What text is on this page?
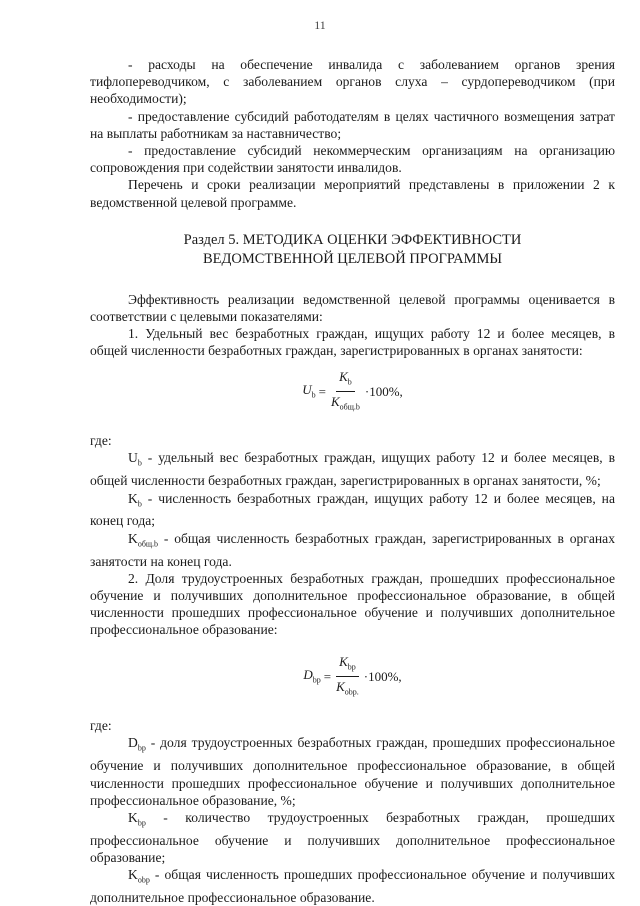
11

- расходы на обеспечение инвалида с заболеванием органов зрения тифлопереводчиком, с заболеванием органов слуха – сурдопереводчиком (при необходимости);

- предоставление субсидий работодателям в целях частичного возмещения затрат на выплаты работникам за наставничество;

- предоставление субсидий некоммерческим организациям на организацию сопровождения при содействии занятости инвалидов.

Перечень и сроки реализации мероприятий представлены в приложении 2 к ведомственной целевой программе.

Раздел 5. МЕТОДИКА ОЦЕНКИ ЭФФЕКТИВНОСТИ
ВЕДОМСТВЕННОЙ ЦЕЛЕВОЙ ПРОГРАММЫ

Эффективность реализации ведомственной целевой программы оценивается в соответствии с целевыми показателями:

1. Удельный вес безработных граждан, ищущих работу 12 и более месяцев, в общей численности безработных граждан, зарегистрированных в органах занятости:

$U_b = \frac{K_b}{K_{общ.b}} \cdot 100\%$,

где:

$U_b$ - удельный вес безработных граждан, ищущих работу 12 и более месяцев, в общей численности безработных граждан, зарегистрированных в органах занятости, %;

$K_b$ - численность безработных граждан, ищущих работу 12 и более месяцев, на конец года;

$K_{общ.b}$ - общая численность безработных граждан, зарегистрированных в органах занятости на конец года.

2. Доля трудоустроенных безработных граждан, прошедших профессиональное обучение и получивших дополнительное профессиональное образование, в общей численности прошедших профессиональное обучение и получивших дополнительное профессиональное образование:

$D_{bp} = \frac{K_{bp}}{K_{obp.}} \cdot 100\%$,

где:

$D_{bp}$ - доля трудоустроенных безработных граждан, прошедших профессиональное обучение и получивших дополнительное профессиональное образование, в общей численности прошедших профессиональное обучение и получивших дополнительное профессиональное образование, %;

$K_{bp}$ - количество трудоустроенных безработных граждан, прошедших профессиональное обучение и получивших дополнительное профессиональное образование;

$K_{obp}$ - общая численность прошедших профессиональное обучение и получивших дополнительное профессиональное образование.
